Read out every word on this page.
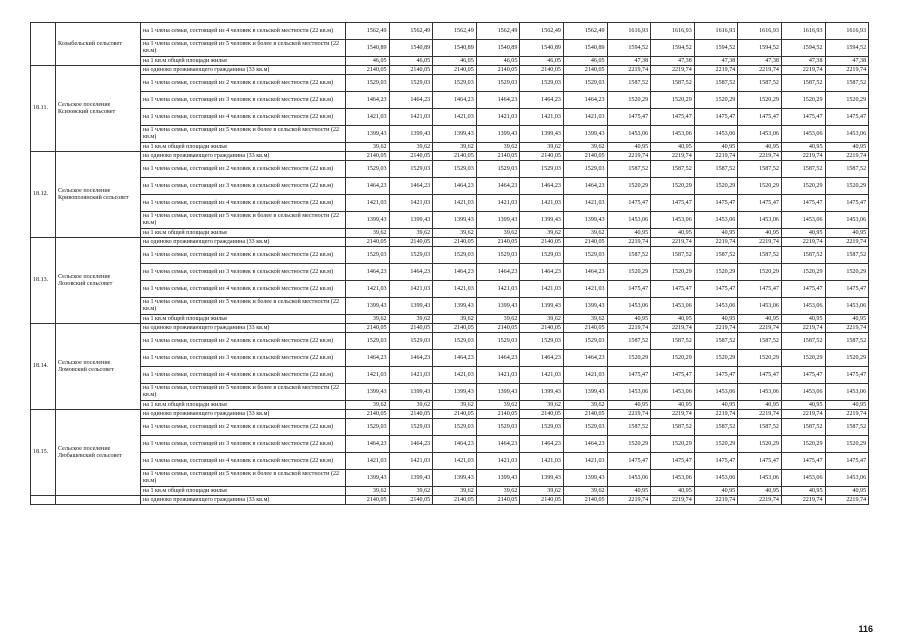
	Козыбельский сельсовет	на 1 члена семьи, состоящей из 4 человек в сельской местности (22 кв.м)	1562,49	1562,49	1562,49	1562,49	1562,49	1562,49	1616,93	1616,93	1616,93	1616,93	1616,93	1616,93
		на 1 члена семьи, состоящей из 5 человек и более в сельской местности (22 кв.м)	1540,89	1540,89	1540,89	1540,89	1540,89	1540,89	1594,52	1594,52	1594,52	1594,52	1594,52	1594,52
		на 1 кв.м общей площади жилья	46,05	46,05	46,05	46,05	46,05	46,05	47,38	47,38	47,38	47,38	47,38	47,38
18.11.	Сельское поселение Ксизовский сельсовет	на одиноко проживающего гражданина (33 кв.м)	2140,05	2140,05	2140,05	2140,05	2140,05	2140,05	2219,74	2219,74	2219,74	2219,74	2219,74	2219,74
		на 1 члена семьи, состоящей из 2 человек в сельской местности (22 кв.м)	1529,03	1529,03	1529,03	1529,03	1529,03	1529,03	1587,52	1587,52	1587,52	1587,52	1587,52	1587,52
		на 1 члена семьи, состоящей из 3 человек в сельской местности (22 кв.м)	1464,23	1464,23	1464,23	1464,23	1464,23	1464,23	1520,29	1520,29	1520,29	1520,29	1520,29	1520,29
		на 1 члена семьи, состоящей из 4 человек в сельской местности (22 кв.м)	1421,03	1421,03	1421,03	1421,03	1421,03	1421,03	1475,47	1475,47	1475,47	1475,47	1475,47	1475,47
		на 1 члена семьи, состоящей из 5 человек и более в сельской местности (22 кв.м)	1399,43	1399,43	1399,43	1399,43	1399,43	1399,43	1453,06	1453,06	1453,06	1453,06	1453,06	1453,06
		на 1 кв.м общей площади жилья	39,62	39,62	39,62	39,62	39,62	39,62	40,95	40,95	40,95	40,95	40,95	40,95
18.12.	Сельское поселение Кривополянский сельсовет	на одиноко проживающего гражданина (33 кв.м)	2140,05	2140,05	2140,05	2140,05	2140,05	2140,05	2219,74	2219,74	2219,74	2219,74	2219,74	2219,74
		на 1 члена семьи, состоящей из 2 человек в сельской местности (22 кв.м)	1529,03	1529,03	1529,03	1529,03	1529,03	1529,03	1587,52	1587,52	1587,52	1587,52	1587,52	1587,52
		на 1 члена семьи, состоящей из 3 человек в сельской местности (22 кв.м)	1464,23	1464,23	1464,23	1464,23	1464,23	1464,23	1520,29	1520,29	1520,29	1520,29	1520,29	1520,29
		на 1 члена семьи, состоящей из 4 человек в сельской местности (22 кв.м)	1421,03	1421,03	1421,03	1421,03	1421,03	1421,03	1475,47	1475,47	1475,47	1475,47	1475,47	1475,47
		на 1 члена семьи, состоящей из 5 человек и более в сельской местности (22 кв.м)	1399,43	1399,43	1399,43	1399,43	1399,43	1399,43	1453,06	1453,06	1453,06	1453,06	1453,06	1453,06
		на 1 кв.м общей площади жилья	39,62	39,62	39,62	39,62	39,62	39,62	40,95	40,95	40,95	40,95	40,95	40,95
18.13.	Сельское поселение Лозовский сельсовет	на одиноко проживающего гражданина (33 кв.м)	2140,05	2140,05	2140,05	2140,05	2140,05	2140,05	2219,74	2219,74	2219,74	2219,74	2219,74	2219,74
		на 1 члена семьи, состоящей из 2 человек в сельской местности (22 кв.м)	1529,03	1529,03	1529,03	1529,03	1529,03	1529,03	1587,52	1587,52	1587,52	1587,52	1587,52	1587,52
		на 1 члена семьи, состоящей из 3 человек в сельской местности (22 кв.м)	1464,23	1464,23	1464,23	1464,23	1464,23	1464,23	1520,29	1520,29	1520,29	1520,29	1520,29	1520,29
		на 1 члена семьи, состоящей из 4 человек в сельской местности (22 кв.м)	1421,03	1421,03	1421,03	1421,03	1421,03	1421,03	1475,47	1475,47	1475,47	1475,47	1475,47	1475,47
		на 1 члена семьи, состоящей из 5 человек и более в сельской местности (22 кв.м)	1399,43	1399,43	1399,43	1399,43	1399,43	1399,43	1453,06	1453,06	1453,06	1453,06	1453,06	1453,06
		на 1 кв.м общей площади жилья	39,62	39,62	39,62	39,62	39,62	39,62	40,95	40,95	40,95	40,95	40,95	40,95
18.14.	Сельское поселение Ломовский сельсовет	на одиноко проживающего гражданина (33 кв.м)	2140,05	2140,05	2140,05	2140,05	2140,05	2140,05	2219,74	2219,74	2219,74	2219,74	2219,74	2219,74
		на 1 члена семьи, состоящей из 2 человек в сельской местности (22 кв.м)	1529,03	1529,03	1529,03	1529,03	1529,03	1529,03	1587,52	1587,52	1587,52	1587,52	1587,52	1587,52
		на 1 члена семьи, состоящей из 3 человек в сельской местности (22 кв.м)	1464,23	1464,23	1464,23	1464,23	1464,23	1464,23	1520,29	1520,29	1520,29	1520,29	1520,29	1520,29
		на 1 члена семьи, состоящей из 4 человек в сельской местности (22 кв.м)	1421,03	1421,03	1421,03	1421,03	1421,03	1421,03	1475,47	1475,47	1475,47	1475,47	1475,47	1475,47
		на 1 члена семьи, состоящей из 5 человек и более в сельской местности (22 кв.м)	1399,43	1399,43	1399,43	1399,43	1399,43	1399,43	1453,06	1453,06	1453,06	1453,06	1453,06	1453,06
		на 1 кв.м общей площади жилья	39,62	39,62	39,62	39,62	39,62	39,62	40,95	40,95	40,95	40,95	40,95	40,95
18.15.	Сельское поселение Любашевский сельсовет	на одиноко проживающего гражданина (33 кв.м)	2140,05	2140,05	2140,05	2140,05	2140,05	2140,05	2219,74	2219,74	2219,74	2219,74	2219,74	2219,74
		на 1 члена семьи, состоящей из 2 человек в сельской местности (22 кв.м)	1529,03	1529,03	1529,03	1529,03	1529,03	1529,03	1587,52	1587,52	1587,52	1587,52	1587,52	1587,52
		на 1 члена семьи, состоящей из 3 человек в сельской местности (22 кв.м)	1464,23	1464,23	1464,23	1464,23	1464,23	1464,23	1520,29	1520,29	1520,29	1520,29	1520,29	1520,29
		на 1 члена семьи, состоящей из 4 человек в сельской местности (22 кв.м)	1421,03	1421,03	1421,03	1421,03	1421,03	1421,03	1475,47	1475,47	1475,47	1475,47	1475,47	1475,47
		на 1 члена семьи, состоящей из 5 человек и более в сельской местности (22 кв.м)	1399,43	1399,43	1399,43	1399,43	1399,43	1399,43	1453,06	1453,06	1453,06	1453,06	1453,06	1453,06
		на 1 кв.м общей площади жилья	39,62	39,62	39,62	39,62	39,62	39,62	40,95	40,95	40,95	40,95	40,95	40,95
		на одиноко проживающего гражданина (33 кв.м)	2140,05	2140,05	2140,05	2140,05	2140,05	2140,05	2219,74	2219,74	2219,74	2219,74	2219,74	2219,74
116
